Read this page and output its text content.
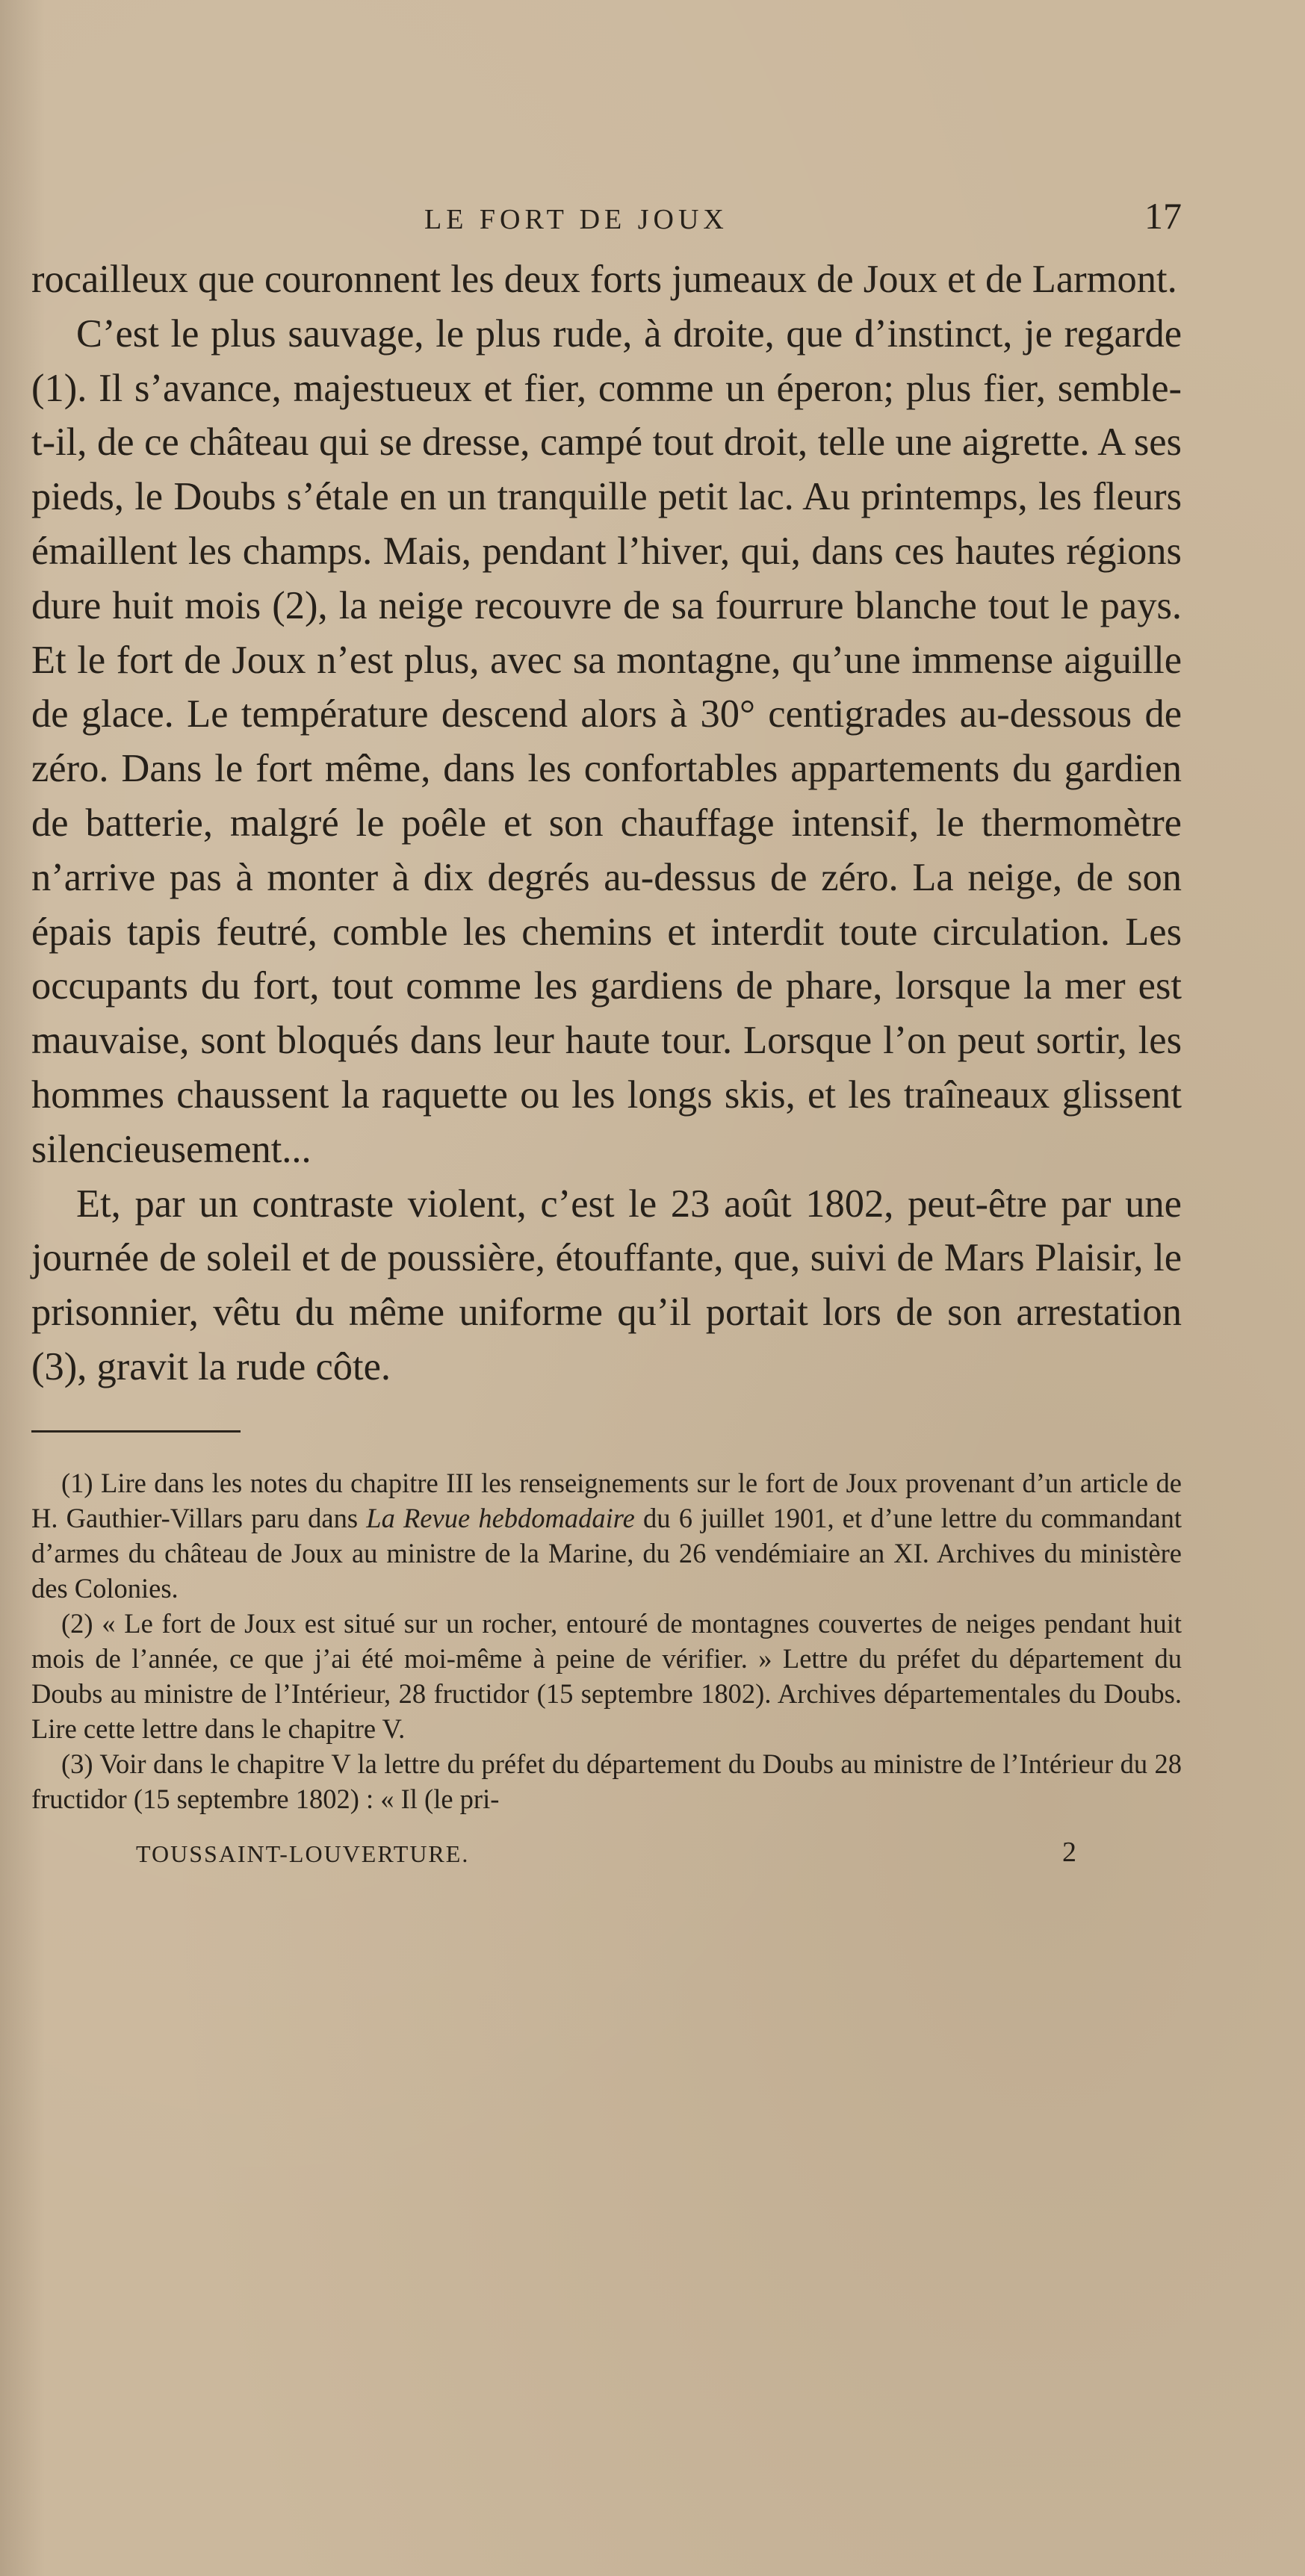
LE FORT DE JOUX	17

rocailleux que couronnent les deux forts jumeaux de Joux et de Larmont.

C’est le plus sauvage, le plus rude, à droite, que d’instinct, je regarde (1). Il s’avance, majestueux et fier, comme un éperon; plus fier, semble-t-il, de ce château qui se dresse, campé tout droit, telle une aigrette. A ses pieds, le Doubs s’étale en un tranquille petit lac. Au printemps, les fleurs émaillent les champs. Mais, pendant l’hiver, qui, dans ces hautes régions dure huit mois (2), la neige recouvre de sa fourrure blanche tout le pays. Et le fort de Joux n’est plus, avec sa montagne, qu’une immense aiguille de glace. Le température descend alors à 30° centigrades au-dessous de zéro. Dans le fort même, dans les confortables appartements du gardien de batterie, malgré le poêle et son chauffage intensif, le thermomètre n’arrive pas à monter à dix degrés au-dessus de zéro. La neige, de son épais tapis feutré, comble les chemins et interdit toute circulation. Les occupants du fort, tout comme les gardiens de phare, lorsque la mer est mauvaise, sont bloqués dans leur haute tour. Lorsque l’on peut sortir, les hommes chaussent la raquette ou les longs skis, et les traîneaux glissent silencieusement...

Et, par un contraste violent, c’est le 23 août 1802, peut-être par une journée de soleil et de poussière, étouffante, que, suivi de Mars Plaisir, le prisonnier, vêtu du même uniforme qu’il portait lors de son arrestation (3), gravit la rude côte.

(1) Lire dans les notes du chapitre III les renseignements sur le fort de Joux provenant d’un article de H. Gauthier-Villars paru dans La Revue hebdomadaire du 6 juillet 1901, et d’une lettre du commandant d’armes du château de Joux au ministre de la Marine, du 26 vendémiaire an XI. Archives du ministère des Colonies.

(2) « Le fort de Joux est situé sur un rocher, entouré de montagnes couvertes de neiges pendant huit mois de l’année, ce que j’ai été moi-même à peine de vérifier. » Lettre du préfet du département du Doubs au ministre de l’Intérieur, 28 fructidor (15 septembre 1802). Archives départementales du Doubs. Lire cette lettre dans le chapitre V.

(3) Voir dans le chapitre V la lettre du préfet du département du Doubs au ministre de l’Intérieur du 28 fructidor (15 septembre 1802) : « Il (le pri-

TOUSSAINT-LOUVERTURE.	2
